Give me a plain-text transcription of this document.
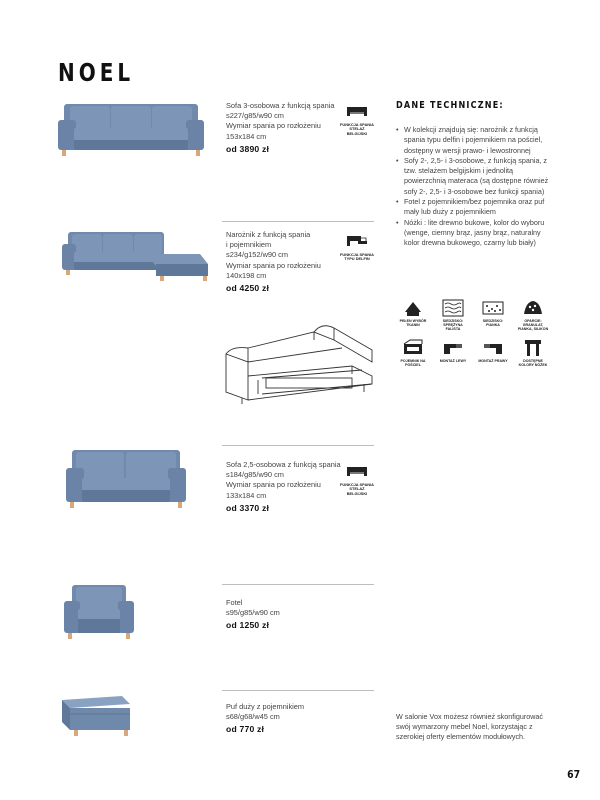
NOEL
Sofa 3-osobowa z funkcją spania
s227/g85/w90 cm
Wymiar spania po rozłożeniu
153x184 cm
od 3890 zł
FUNKCJA SPANIA STELAŻ BELGIJSKI
Narożnik z funkcją spania
i pojemnikiem
s234/g152/w90 cm
Wymiar spania po rozłożeniu
140x198 cm
od 4250 zł
FUNKCJA SPANIA TYPU DELFIN
Sofa 2,5-osobowa z funkcją spania
s184/g85/w90 cm
Wymiar spania po rozłożeniu
133x184 cm
od 3370 zł
FUNKCJA SPANIA STELAŻ BELGIJSKI
Fotel
s95/g85/w90 cm
od 1250 zł
Puf duży z pojemnikiem
s68/g68/w45 cm
od 770 zł
DANE TECHNICZNE:
• W kolekcji znajdują się: narożnik z funkcją spania typu delfin i pojemnikiem na pościel, dostępny w wersji prawo- i lewostronnej
• Sofy 2-, 2,5- i 3-osobowe, z funkcją spania, z tzw. stelażem belgijskim i jednolitą powierzchnią materaca (są dostępne również sofy 2-, 2,5- i 3-osobowe bez funkcji spania)
• Fotel z pojemnikiem/bez pojemnika oraz puf mały lub duży z pojemnikiem
• Nóżki : lite drewno bukowe, kolor do wyboru (wenge, ciemny brąz, jasny brąz, naturalny kolor drewna bukowego, czarny lub biały)
PEŁEN WYBÓR TKANIN
SIEDZISKO: SPRĘŻYNA FALISTA
SIEDZISKO: PIANKA
OPARCIE: GRANULAT, PIANKA, SILIKON
POJEMNIK NA POŚCIEL
MONTAŻ LEWY	MONTAŻ PRAWY	DOSTĘPNE KOLORY NÓŻEK
W salonie Vox możesz również skonfigurować swój wymarzony mebel Noel, korzystając z szerokiej oferty elementów modułowych.
67
